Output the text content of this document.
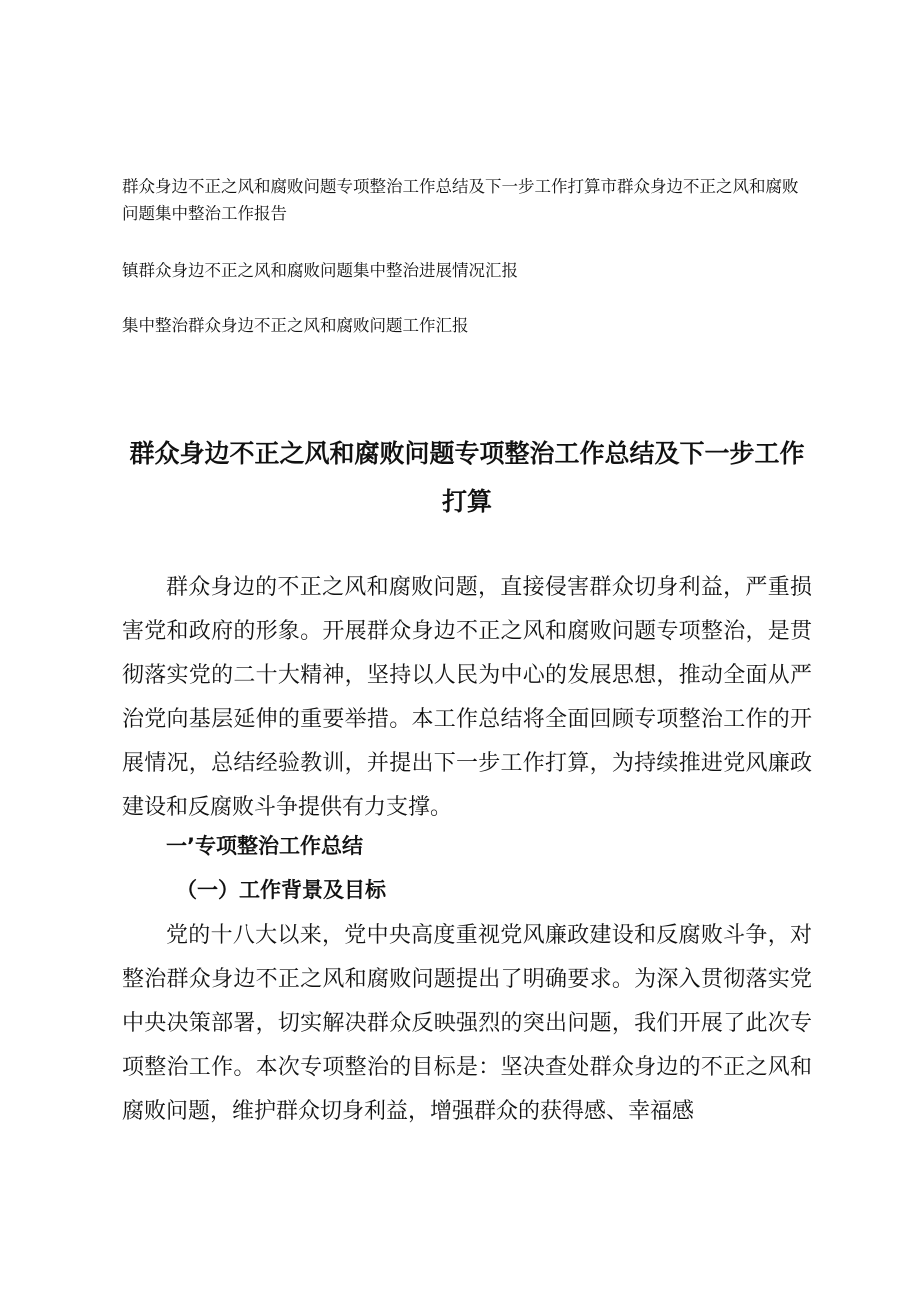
群众身边不正之风和腐败问题专项整治工作总结及下一步工作打算市群众身边不正之风和腐败问题集中整治工作报告
镇群众身边不正之风和腐败问题集中整治进展情况汇报
集中整治群众身边不正之风和腐败问题工作汇报
群众身边不正之风和腐败问题专项整治工作总结及下一步工作打算
群众身边的不正之风和腐败问题，直接侵害群众切身利益，严重损害党和政府的形象。开展群众身边不正之风和腐败问题专项整治，是贯彻落实党的二十大精神，坚持以人民为中心的发展思想，推动全面从严治党向基层延伸的重要举措。本工作总结将全面回顾专项整治工作的开展情况，总结经验教训，并提出下一步工作打算，为持续推进党风廉政建设和反腐败斗争提供有力支撑。
一’专项整治工作总结
（一）工作背景及目标
党的十八大以来，党中央高度重视党风廉政建设和反腐败斗争，对整治群众身边不正之风和腐败问题提出了明确要求。为深入贯彻落实党中央决策部署，切实解决群众反映强烈的突出问题，我们开展了此次专项整治工作。本次专项整治的目标是：坚决查处群众身边的不正之风和腐败问题，维护群众切身利益，增强群众的获得感、幸福感
